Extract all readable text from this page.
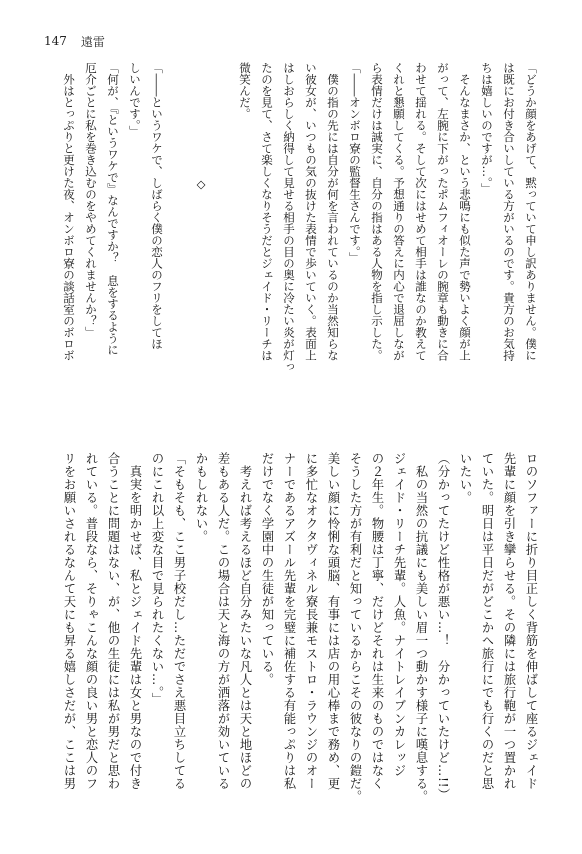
147 遠雷

「どうか顔をあげて、黙っていて申し訳ありません。僕に

は既にお付き合いしている方がいるのです。貴方のお気持

ちは嬉しいのですが…。」

　そんなまさか、という悲鳴にも似た声で勢いよく顔が上

がって、左腕に下がったポムフィオーレの腕章も動きに合

わせて揺れる。そして次にはせめて相手は誰なのか教えて

くれと懇願してくる。予想通りの答えに内心で退屈しなが

ら表情だけは誠実に、自分の指はある人物を指し示した。

「――オンボロ寮の監督生さんです。」

　僕の指の先には自分が何を言われているのか当然知らな

い彼女が、いつもの気の抜けた表情で歩いていく。表面上

はしおらしく納得して見せる相手の目の奥に冷たい炎が灯っ

たのを見て、さて楽しくなりそうだとジェイド・リーチは

微笑んだ。

　　　　　　　　　　◇

「――というワケで、しばらく僕の恋人のフリをしてほ

しいんです。」

「何が、『というワケで』なんですか？　息をするように

厄介ごとに私を巻き込むのをやめてくれませんか？」

　外はとっぷりと更けた夜、オンボロ寮の談話室のボロボ

ロのソファーに折り目正しく背筋を伸ばして座るジェイド

先輩に顔を引き攣らせる。その隣には旅行鞄が一つ置かれ

ていた。明日は平日だがどこかへ旅行にでも行くのだと思

いたい。

（分かってたけど性格が悪い…！　分かっていたけど…!!）

　私の当然の抗議にも美しい眉一つ動かす様子に嘆息する。

ジェイド・リーチ先輩。人魚。ナイトレイブンカレッジ

の２年生。物腰は丁寧、だけどそれは生来のものではなく

そうした方が有利だと知っているからこその彼なりの鎧だ。

美しい顔に怜悧な頭脳、有事には店の用心棒まで務め、更

に多忙なオクタヴィネル寮長兼モストロ・ラウンジのオー

ナーであるアズール先輩を完璧に補佐する有能っぷりは私

だけでなく学園中の生徒が知っている。

　考えれば考えるほど自分みたいな凡人とは天と地ほどの

差もある人だ。この場合は天と海の方が洒落が効いている

かもしれない。

「そもそも、ここ男子校だし…ただでさえ悪目立ちしてる

のにこれ以上変な目で見られたくない…。」

　真実を明かせば、私とジェイド先輩は女と男なので付き

合うことに問題はない、が、他の生徒には私が男だと思わ

れている。普段なら、そりゃこんな顔の良い男と恋人のフ

リをお願いされるなんて天にも昇る嬉しさだが、ここは男
